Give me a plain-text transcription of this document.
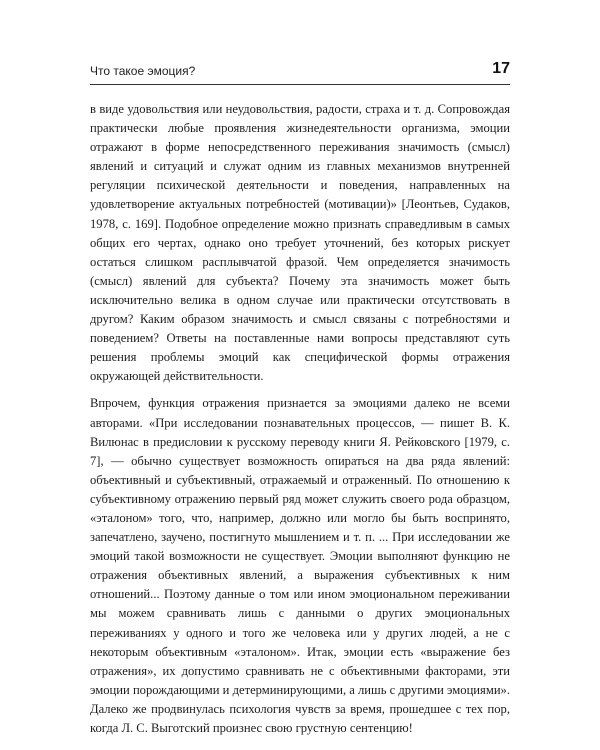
Что такое эмоция?	17

в виде удовольствия или неудовольствия, радости, страха и т. д. Сопровождая практически любые проявления жизнедеятельности организма, эмоции отражают в форме непосредственного переживания значимость (смысл) явлений и ситуаций и служат одним из главных механизмов внутренней регуляции психической деятельности и поведения, направленных на удовлетворение актуальных потребностей (мотивации)» [Леонтьев, Судаков, 1978, с. 169]. Подобное определение можно признать справедливым в самых общих его чертах, однако оно требует уточнений, без которых рискует остаться слишком расплывчатой фразой. Чем определяется значимость (смысл) явлений для субъекта? Почему эта значимость может быть исключительно велика в одном случае или практически отсутствовать в другом? Каким образом значимость и смысл связаны с потребностями и поведением? Ответы на поставленные нами вопросы представляют суть решения проблемы эмоций как специфической формы отражения окружающей действительности.

Впрочем, функция отражения признается за эмоциями далеко не всеми авторами. «При исследовании познавательных процессов, — пишет В. К. Вилюнас в предисловии к русскому переводу книги Я. Рейковского [1979, с. 7], — обычно существует возможность опираться на два ряда явлений: объективный и субъективный, отражаемый и отраженный. По отношению к субъективному отражению первый ряд может служить своего рода образцом, «эталоном» того, что, например, должно или могло бы быть воспринято, запечатлено, заучено, постигнуто мышлением и т. п. ... При исследовании же эмоций такой возможности не существует. Эмоции выполняют функцию не отражения объективных явлений, а выражения субъективных к ним отношений... Поэтому данные о том или ином эмоциональном переживании мы можем сравнивать лишь с данными о других эмоциональных переживаниях у одного и того же человека или у других людей, а не с некоторым объективным «эталоном». Итак, эмоции есть «выражение без отражения», их допустимо сравнивать не с объективными факторами, эти эмоции порождающими и детерминирующими, а лишь с другими эмоциями». Далеко же продвинулась психология чувств за время, прошедшее с тех пор, когда Л. С. Выготский произнес свою грустную сентенцию!
